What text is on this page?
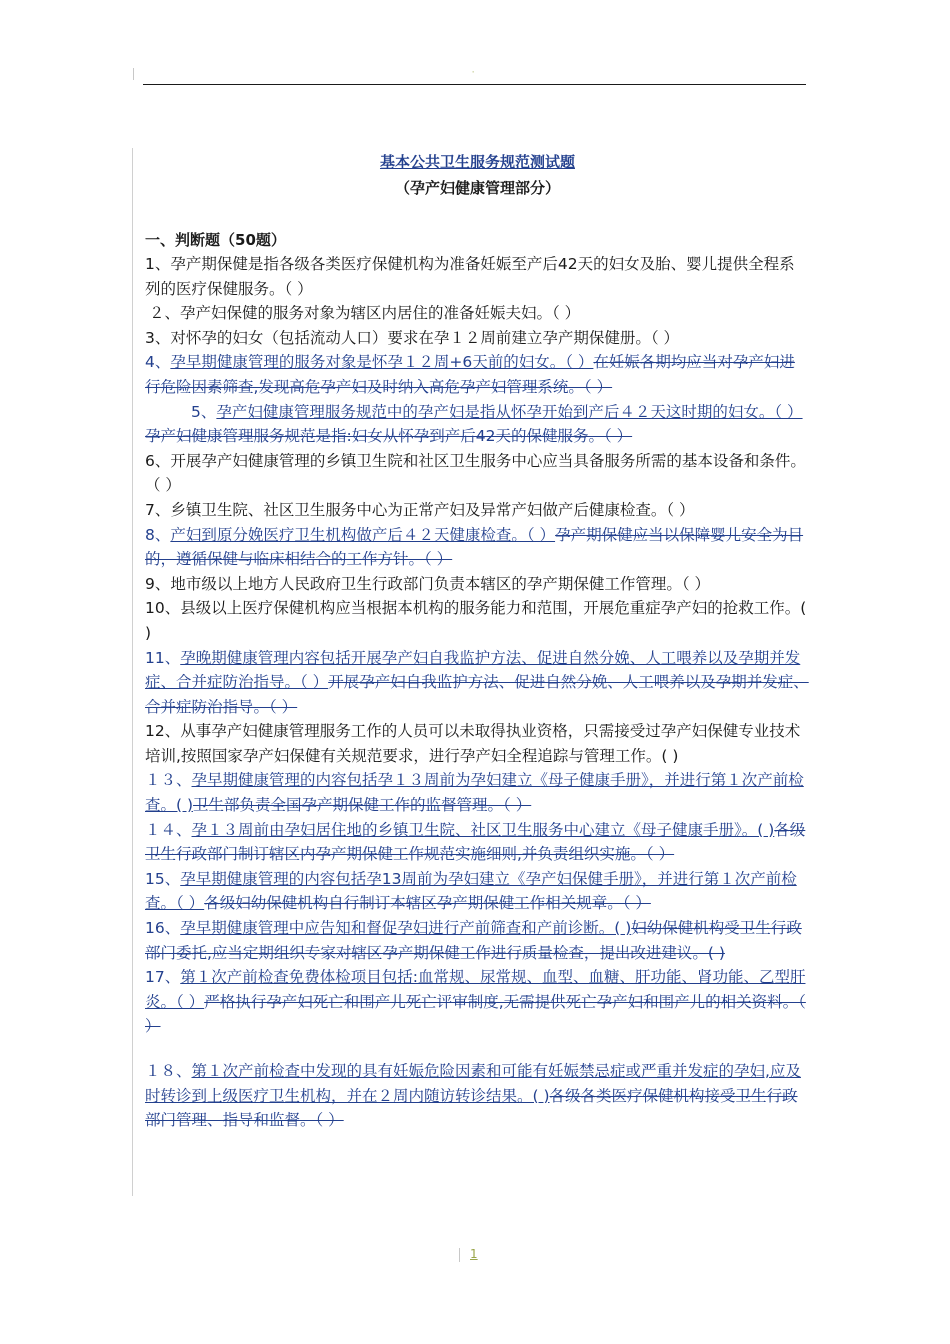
ﾞ

基本公共卫生服务规范测试题

（孕产妇健康管理部分）

一、判断题（50题）

1、孕产期保健是指各级各类医疗保健机构为准备妊娠至产后42天的妇女及胎、婴儿提供全程系列的医疗保健服务。（ ）

２、孕产妇保健的服务对象为辖区内居住的准备妊娠夫妇。（ ）

3、对怀孕的妇女（包括流动人口）要求在孕１２周前建立孕产期保健册。（ ）

4、孕早期健康管理的服务对象是怀孕１２周+6天前的妇女。（ ）在妊娠各期均应当对孕产妇进行危险因素筛查,发现高危孕产妇及时纳入高危孕产妇管理系统。（ ）

5、孕产妇健康管理服务规范中的孕产妇是指从怀孕开始到产后４２天这时期的妇女。（ ）孕产妇健康管理服务规范是指:妇女从怀孕到产后42天的保健服务。（ ）

6、开展孕产妇健康管理的乡镇卫生院和社区卫生服务中心应当具备服务所需的基本设备和条件。（ ）

7、乡镇卫生院、社区卫生服务中心为正常产妇及异常产妇做产后健康检查。（ ）

8、产妇到原分娩医疗卫生机构做产后４２天健康检查。（ ）孕产期保健应当以保障婴儿安全为目的，遵循保健与临床相结合的工作方针。（ ）

9、地市级以上地方人民政府卫生行政部门负责本辖区的孕产期保健工作管理。（ ）

10、县级以上医疗保健机构应当根据本机构的服务能力和范围，开展危重症孕产妇的抢救工作。( )

11、孕晚期健康管理内容包括开展孕产妇自我监护方法、促进自然分娩、人工喂养以及孕期并发症、合并症防治指导。（ ）开展孕产妇自我监护方法、促进自然分娩、人工喂养以及孕期并发症、合并症防治指导。（ ）

12、从事孕产妇健康管理服务工作的人员可以未取得执业资格，只需接受过孕产妇保健专业技术培训,按照国家孕产妇保健有关规范要求，进行孕产妇全程追踪与管理工作。( )

１３、孕早期健康管理的内容包括孕１３周前为孕妇建立《母子健康手册》，并进行第１次产前检查。( )卫生部负责全国孕产期保健工作的监督管理。（ ）

１４、孕１３周前由孕妇居住地的乡镇卫生院、社区卫生服务中心建立《母子健康手册》。( )各级卫生行政部门制订辖区内孕产期保健工作规范实施细则,并负责组织实施。（ ）

15、孕早期健康管理的内容包括孕13周前为孕妇建立《孕产妇保健手册》，并进行第１次产前检查。（ ）各级妇幼保健机构自行制订本辖区孕产期保健工作相关规章。（ ）

16、孕早期健康管理中应告知和督促孕妇进行产前筛查和产前诊断。( )妇幼保健机构受卫生行政部门委托,应当定期组织专家对辖区孕产期保健工作进行质量检查，提出改进建议。( )

17、第１次产前检查免费体检项目包括:血常规、尿常规、血型、血糖、肝功能、肾功能、乙型肝炎。（ ）严格执行孕产妇死亡和围产儿死亡评审制度,无需提供死亡孕产妇和围产儿的相关资料。（ ）

１８、第１次产前检查中发现的具有妊娠危险因素和可能有妊娠禁忌症或严重并发症的孕妇,应及时转诊到上级医疗卫生机构，并在２周内随访转诊结果。( )各级各类医疗保健机构接受卫生行政部门管理、指导和监督。（ ）

1
